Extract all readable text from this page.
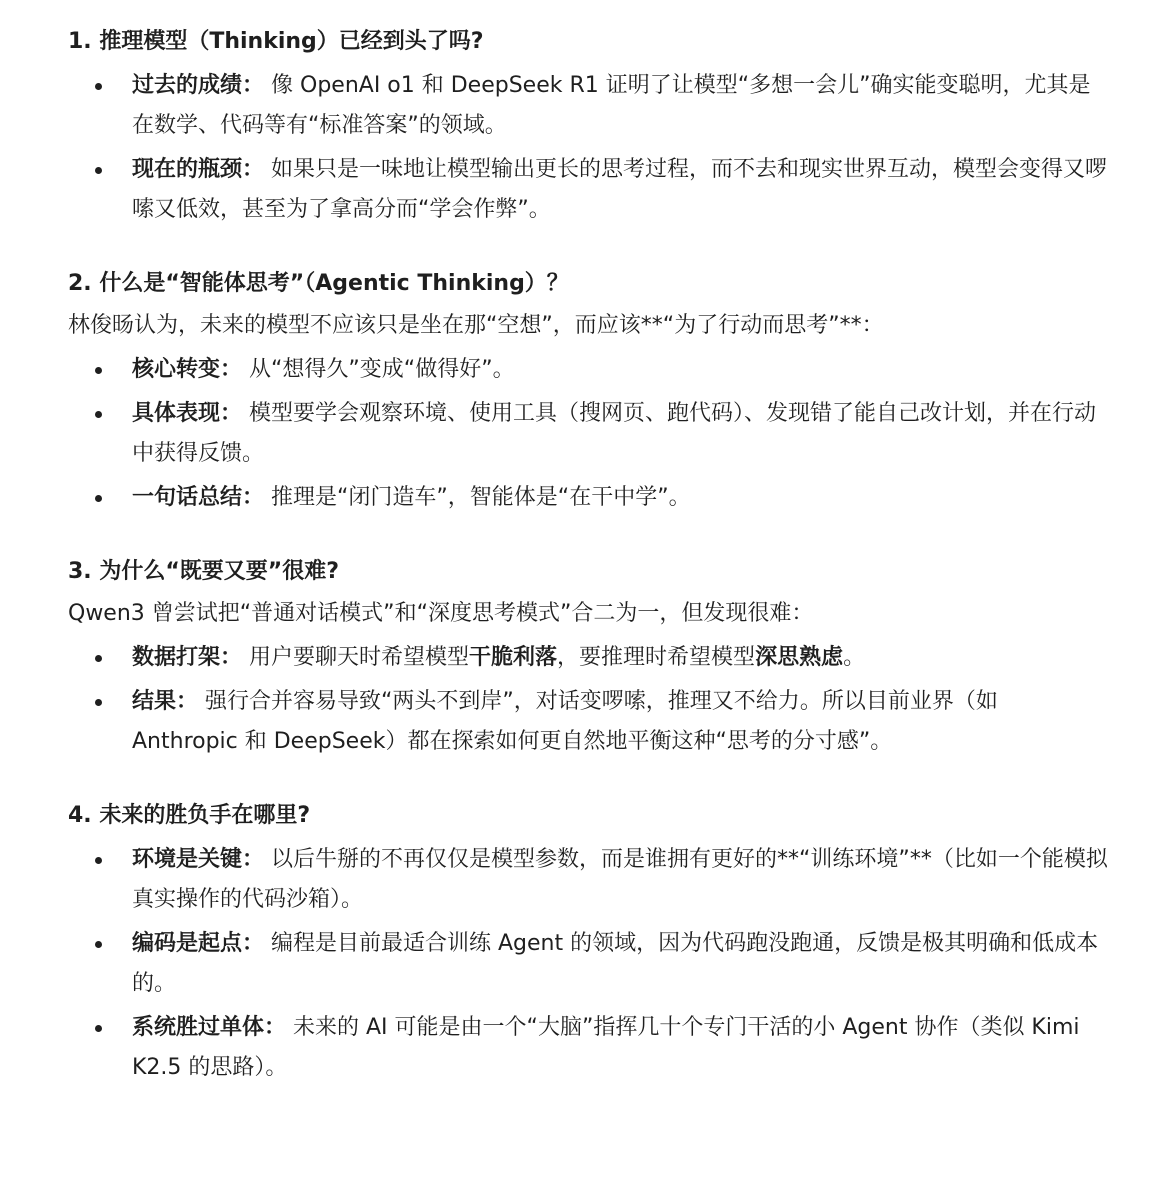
1. 推理模型（Thinking）已经到头了吗?
过去的成绩： 像 OpenAI o1 和 DeepSeek R1 证明了让模型“多想一会儿”确实能变聪明，尤其是在数学、代码等有“标准答案”的领域。
现在的瓶颈： 如果只是一味地让模型输出更长的思考过程，而不去和现实世界互动，模型会变得又啰嗦又低效，甚至为了拿高分而“学会作弊”。
2. 什么是“智能体思考”（Agentic Thinking）？

林俊旸认为，未来的模型不应该只是坐在那“空想”，而应该**“为了行动而思考”**：

核心转变： 从“想得久”变成“做得好”。
具体表现： 模型要学会观察环境、使用工具（搜网页、跑代码）、发现错了能自己改计划，并在行动中获得反馈。
一句话总结： 推理是“闭门造车”，智能体是“在干中学”。
3. 为什么“既要又要”很难?

Qwen3 曾尝试把“普通对话模式”和“深度思考模式”合二为一，但发现很难：

数据打架： 用户要聊天时希望模型干脆利落，要推理时希望模型深思熟虑。
结果： 强行合并容易导致“两头不到岸”，对话变啰嗦，推理又不给力。所以目前业界（如 Anthropic 和 DeepSeek）都在探索如何更自然地平衡这种“思考的分寸感”。
4. 未来的胜负手在哪里?
环境是关键： 以后牛掰的不再仅仅是模型参数，而是谁拥有更好的**“训练环境”**（比如一个能模拟真实操作的代码沙箱）。
编码是起点： 编程是目前最适合训练 Agent 的领域，因为代码跑没跑通，反馈是极其明确和低成本的。
系统胜过单体： 未来的 AI 可能是由一个“大脑”指挥几十个专门干活的小 Agent 协作（类似 Kimi K2.5 的思路）。
